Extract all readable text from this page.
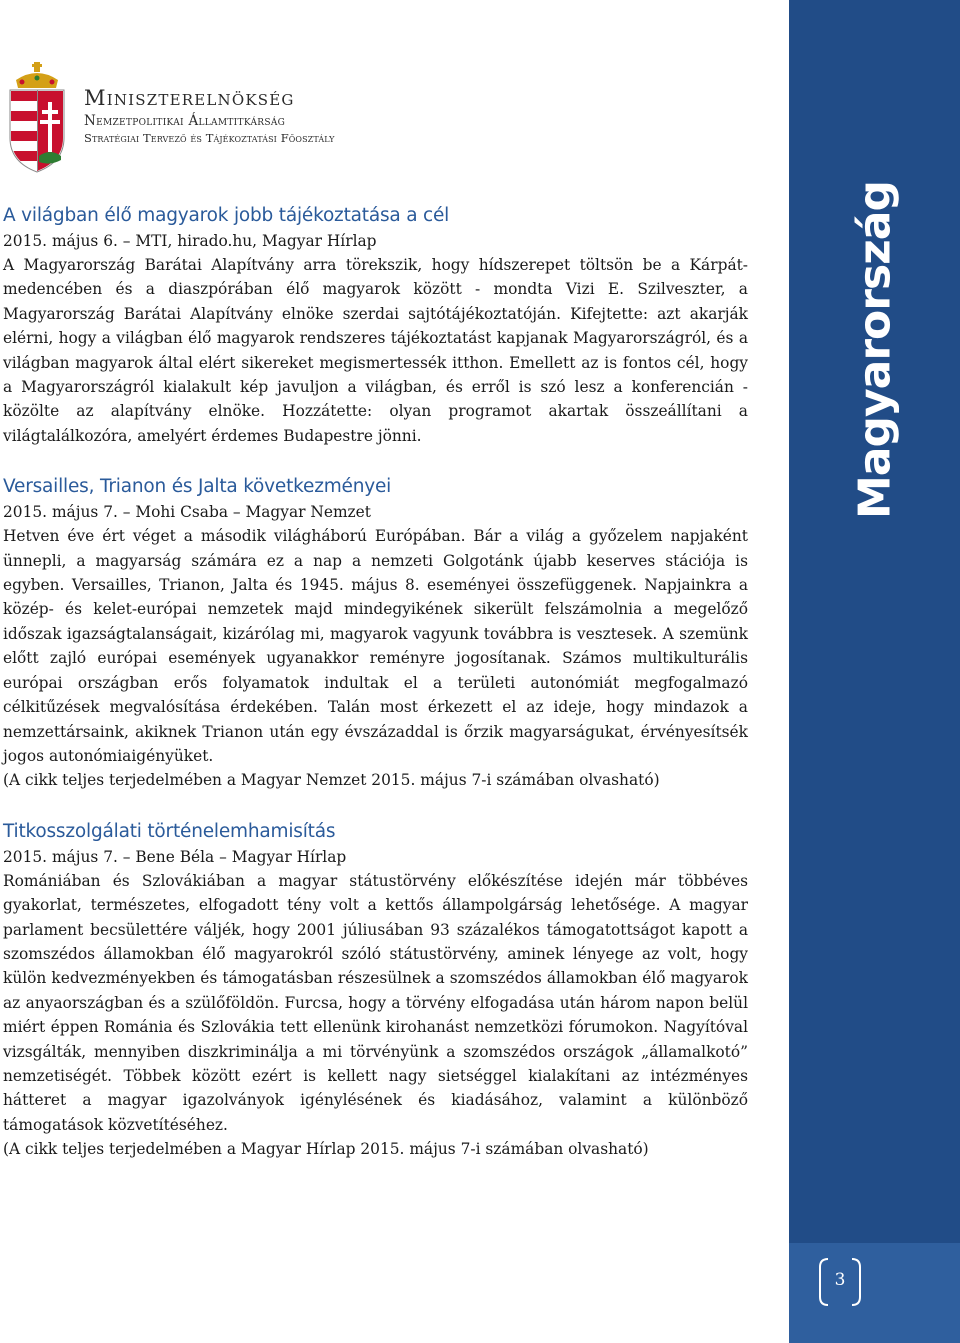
Miniszterelnökség
Nemzetpolitikai Államtitkárság
Stratégiai Tervező és Tájékoztatási Főosztály
A világban élő magyarok jobb tájékoztatása a cél

2015. május 6. – MTI, hirado.hu, Magyar Hírlap

A Magyarország Barátai Alapítvány arra törekszik, hogy hídszerepet töltsön be a Kárpát-medencében és a diaszpórában élő magyarok között - mondta Vizi E. Szilveszter, a Magyarország Barátai Alapítvány elnöke szerdai sajtótájékoztatóján. Kifejtette: azt akarják elérni, hogy a világban élő magyarok rendszeres tájékoztatást kapjanak Magyarországról, és a világban magyarok által elért sikereket megismertessék itthon. Emellett az is fontos cél, hogy a Magyarországról kialakult kép javuljon a világban, és erről is szó lesz a konferencián - közölte az alapítvány elnöke. Hozzátette: olyan programot akartak összeállítani a világtalálkozóra, amelyért érdemes Budapestre jönni.

Versailles, Trianon és Jalta következményei

2015. május 7. – Mohi Csaba – Magyar Nemzet

Hetven éve ért véget a második világháború Európában. Bár a világ a győzelem napjaként ünnepli, a magyarság számára ez a nap a nemzeti Golgotánk újabb keserves stációja is egyben. Versailles, Trianon, Jalta és 1945. május 8. eseményei összefüggenek. Napjainkra a közép- és kelet-európai nemzetek majd mindegyikének sikerült felszámolnia a megelőző időszak igazságtalanságait, kizárólag mi, magyarok vagyunk továbbra is vesztesek. A szemünk előtt zajló európai események ugyanakkor reményre jogosítanak. Számos multikulturális európai országban erős folyamatok indultak el a területi autonómiát megfogalmazó célkitűzések megvalósítása érdekében. Talán most érkezett el az ideje, hogy mindazok a nemzettársaink, akiknek Trianon után egy évszázaddal is őrzik magyarságukat, érvényesítsék jogos autonómiaigényüket.

(A cikk teljes terjedelmében a Magyar Nemzet 2015. május 7-i számában olvasható)

Titkosszolgálati történelemhamisítás

2015. május 7. – Bene Béla – Magyar Hírlap

Romániában és Szlovákiában a magyar státustörvény előkészítése idején már többéves gyakorlat, természetes, elfogadott tény volt a kettős állampolgárság lehetősége. A magyar parlament becsülettére váljék, hogy 2001 júliusában 93 százalékos támogatottságot kapott a szomszédos államokban élő magyarokról szóló státustörvény, aminek lényege az volt, hogy külön kedvezményekben és támogatásban részesülnek a szomszédos államokban élő magyarok az anyaországban és a szülőföldön. Furcsa, hogy a törvény elfogadása után három napon belül miért éppen Románia és Szlovákia tett ellenünk kirohanást nemzetközi fórumokon. Nagyítóval vizsgálták, mennyiben diszkriminálja a mi törvényünk a szomszédos országok „államalkotó” nemzetiségét. Többek között ezért is kellett nagy sietséggel kialakítani az intézményes hátteret a magyar igazolványok igénylésének és kiadásához, valamint a különböző támogatások közvetítéséhez.

(A cikk teljes terjedelmében a Magyar Hírlap 2015. május 7-i számában olvasható)

Magyarország
3
